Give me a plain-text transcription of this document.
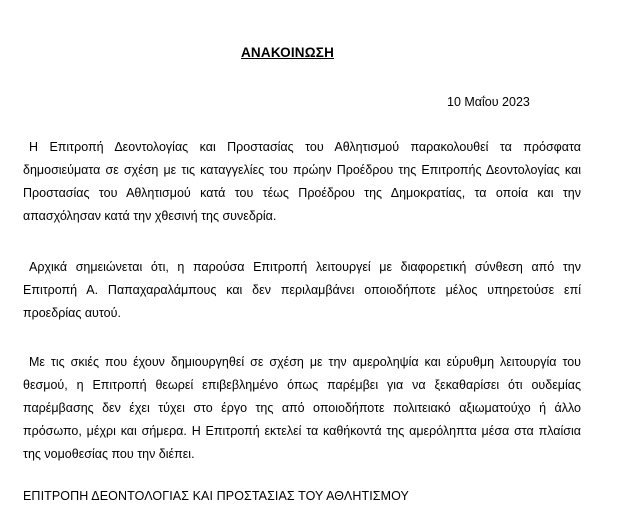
ΑΝΑΚΟΙΝΩΣΗ
10 Μαΐου 2023

Η Επιτροπή Δεοντολογίας και Προστασίας του Αθλητισμού παρακολουθεί τα πρόσφατα δημοσιεύματα σε σχέση με τις καταγγελίες του πρώην Προέδρου της Επιτροπής Δεοντολογίας και Προστασίας του Αθλητισμού κατά του τέως Προέδρου της Δημοκρατίας, τα οποία και την απασχόλησαν κατά την χθεσινή της συνεδρία.

Αρχικά σημειώνεται ότι, η παρούσα Επιτροπή λειτουργεί με διαφορετική σύνθεση από την Επιτροπή Α. Παπαχαραλάμπους και δεν περιλαμβάνει οποιοδήποτε μέλος υπηρετούσε επί προεδρίας αυτού.

Με τις σκιές που έχουν δημιουργηθεί σε σχέση με την αμεροληψία και εύρυθμη λειτουργία του θεσμού, η Επιτροπή θεωρεί επιβεβλημένο όπως παρέμβει για να ξεκαθαρίσει ότι ουδεμίας παρέμβασης δεν έχει τύχει στο έργο της από οποιοδήποτε πολιτειακό αξιωματούχο ή άλλο πρόσωπο, μέχρι και σήμερα. Η Επιτροπή εκτελεί τα καθήκοντά της αμερόληπτα μέσα στα πλαίσια της νομοθεσίας που την διέπει.

ΕΠΙΤΡΟΠΗ ΔΕΟΝΤΟΛΟΓΙΑΣ ΚΑΙ ΠΡΟΣΤΑΣΙΑΣ ΤΟΥ ΑΘΛΗΤΙΣΜΟΥ
